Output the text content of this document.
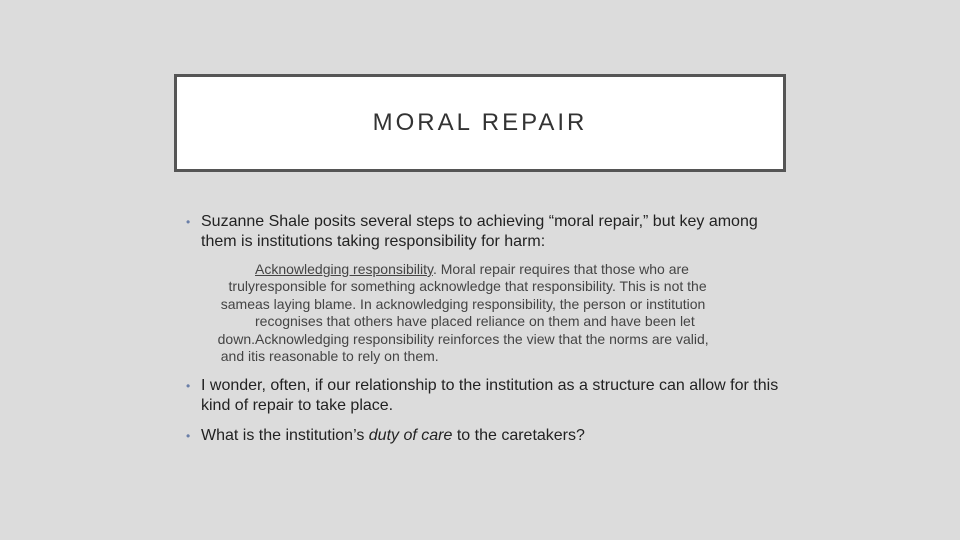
MORAL REPAIR
• Suzanne Shale posits several steps to achieving “moral repair,” but key among them is institutions taking responsibility for harm:
Acknowledging responsibility. Moral repair requires that those who are
truly responsible for something acknowledge that responsibility. This is not the
same as laying blame. In acknowledging responsibility, the person or institution
recognises that others have placed reliance on them and have been let
down. Acknowledging responsibility reinforces the view that the norms are valid,
and it is reasonable to rely on them.
• I wonder, often, if our relationship to the institution as a structure can allow for this kind of repair to take place.
• What is the institution’s duty of care to the caretakers?
